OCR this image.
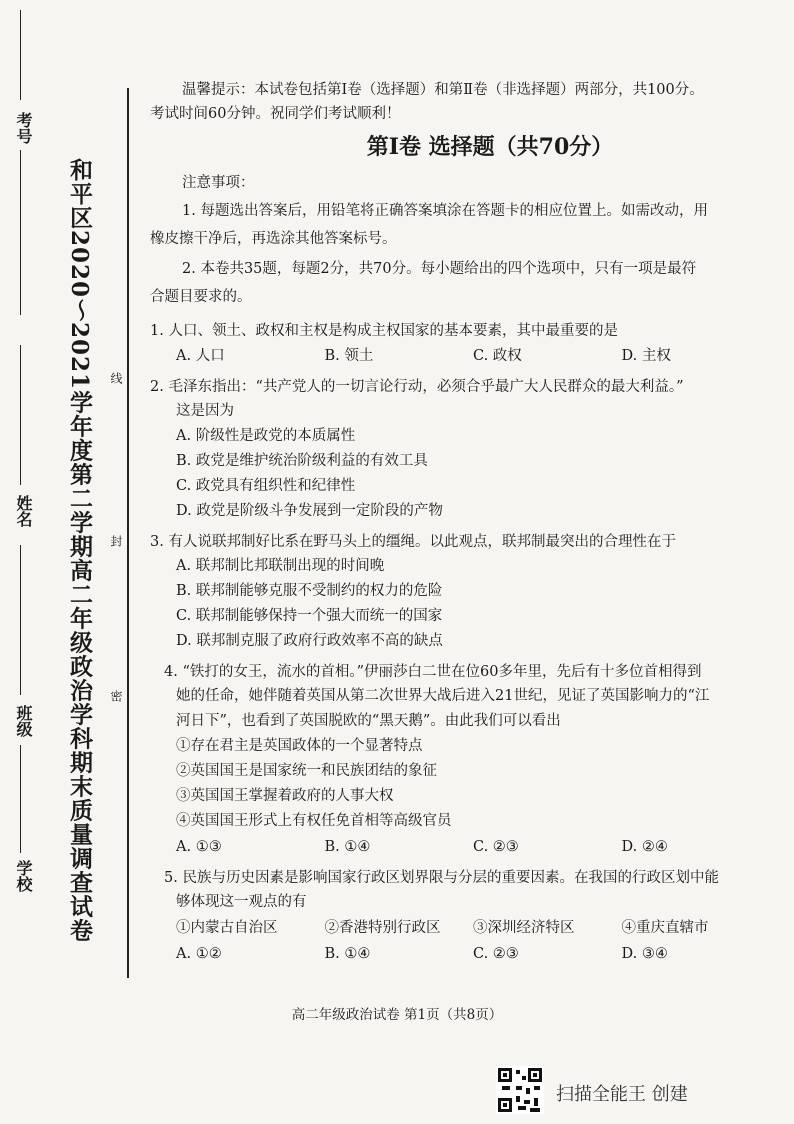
和平区2020～2021学年度第二学期高二年级政治学科期末质量调查试卷
考号
姓名
班级
学校
线
封
密

温馨提示：本试卷包括第Ⅰ卷（选择题）和第Ⅱ卷（非选择题）两部分，共100分。

考试时间60分钟。祝同学们考试顺利！

第Ⅰ卷 选择题（共70分）

注意事项：

1. 每题选出答案后，用铅笔将正确答案填涂在答题卡的相应位置上。如需改动，用

橡皮擦干净后，再选涂其他答案标号。

2. 本卷共35题，每题2分，共70分。每小题给出的四个选项中，只有一项是最符

合题目要求的。

1. 人口、领土、政权和主权是构成主权国家的基本要素，其中最重要的是
A. 人口	B. 领土	C. 政权	D. 主权
2. 毛泽东指出：“共产党人的一切言论行动，必须合乎最广大人民群众的最大利益。”
这是因为
A. 阶级性是政党的本质属性
B. 政党是维护统治阶级利益的有效工具
C. 政党具有组织性和纪律性
D. 政党是阶级斗争发展到一定阶段的产物
3. 有人说联邦制好比系在野马头上的缰绳。以此观点，联邦制最突出的合理性在于
A. 联邦制比邦联制出现的时间晚
B. 联邦制能够克服不受制约的权力的危险
C. 联邦制能够保持一个强大而统一的国家
D. 联邦制克服了政府行政效率不高的缺点
4. “铁打的女王，流水的首相。”伊丽莎白二世在位60多年里，先后有十多位首相得到
她的任命，她伴随着英国从第二次世界大战后进入21世纪，见证了英国影响力的“江
河日下”，也看到了英国脱欧的“黑天鹅”。由此我们可以看出
①存在君主是英国政体的一个显著特点
②英国国王是国家统一和民族团结的象征
③英国国王掌握着政府的人事大权
④英国国王形式上有权任免首相等高级官员
A. ①③	B. ①④	C. ②③	D. ②④
5. 民族与历史因素是影响国家行政区划界限与分层的重要因素。在我国的行政区划中能
够体现这一观点的有
①内蒙古自治区	②香港特别行政区	③深圳经济特区	④重庆直辖市
A. ①②	B. ①④	C. ②③	D. ③④
高二年级政治试卷 第1页（共8页）
扫描全能王 创建
